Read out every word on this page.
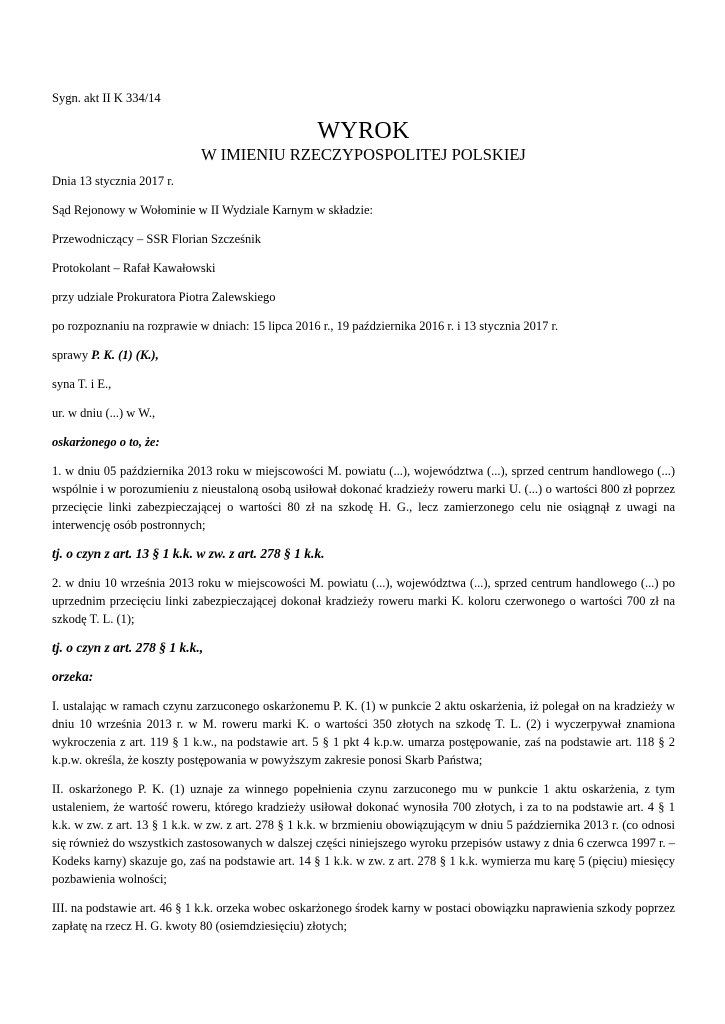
Sygn. akt II K 334/14

WYROK

W IMIENIU RZECZYPOSPOLITEJ POLSKIEJ

Dnia 13 stycznia 2017 r.

Sąd Rejonowy w Wołominie w II Wydziale Karnym w składzie:

Przewodniczący – SSR Florian Szcześnik

Protokolant – Rafał Kawałowski

przy udziale Prokuratora Piotra Zalewskiego

po rozpoznaniu na rozprawie w dniach: 15 lipca 2016 r., 19 października 2016 r. i 13 stycznia 2017 r.

sprawy P. K. (1) (K.),

syna T. i E.,

ur. w dniu (...) w W.,

oskarżonego o to, że:

1. w dniu 05 października 2013 roku w miejscowości M. powiatu (...), województwa (...), sprzed centrum handlowego (...) wspólnie i w porozumieniu z nieustaloną osobą usiłował dokonać kradzieży roweru marki U. (...) o wartości 800 zł poprzez przecięcie linki zabezpieczającej o wartości 80 zł na szkodę H. G., lecz zamierzonego celu nie osiągnął z uwagi na interwencję osób postronnych;

tj. o czyn z art. 13 § 1 k.k. w zw. z art. 278 § 1 k.k.

2. w dniu 10 września 2013 roku w miejscowości M. powiatu (...), województwa (...), sprzed centrum handlowego (...) po uprzednim przecięciu linki zabezpieczającej dokonał kradzieży roweru marki K. koloru czerwonego o wartości 700 zł na szkodę T. L. (1);

tj. o czyn z art. 278 § 1 k.k.,

orzeka:

I. ustalając w ramach czynu zarzuconego oskarżonemu P. K. (1) w punkcie 2 aktu oskarżenia, iż polegał on na kradzieży w dniu 10 września 2013 r. w M. roweru marki K. o wartości 350 złotych na szkodę T. L. (2) i wyczerpywał znamiona wykroczenia z art. 119 § 1 k.w., na podstawie art. 5 § 1 pkt 4 k.p.w. umarza postępowanie, zaś na podstawie art. 118 § 2 k.p.w. określa, że koszty postępowania w powyższym zakresie ponosi Skarb Państwa;

II. oskarżonego P. K. (1) uznaje za winnego popełnienia czynu zarzuconego mu w punkcie 1 aktu oskarżenia, z tym ustaleniem, że wartość roweru, którego kradzieży usiłował dokonać wynosiła 700 złotych, i za to na podstawie art. 4 § 1 k.k. w zw. z art. 13 § 1 k.k. w zw. z art. 278 § 1 k.k. w brzmieniu obowiązującym w dniu 5 października 2013 r. (co odnosi się również do wszystkich zastosowanych w dalszej części niniejszego wyroku przepisów ustawy z dnia 6 czerwca 1997 r. – Kodeks karny) skazuje go, zaś na podstawie art. 14 § 1 k.k. w zw. z art. 278 § 1 k.k. wymierza mu karę 5 (pięciu) miesięcy pozbawienia wolności;

III. na podstawie art. 46 § 1 k.k. orzeka wobec oskarżonego środek karny w postaci obowiązku naprawienia szkody poprzez zapłatę na rzecz H. G. kwoty 80 (osiemdziesięciu) złotych;
